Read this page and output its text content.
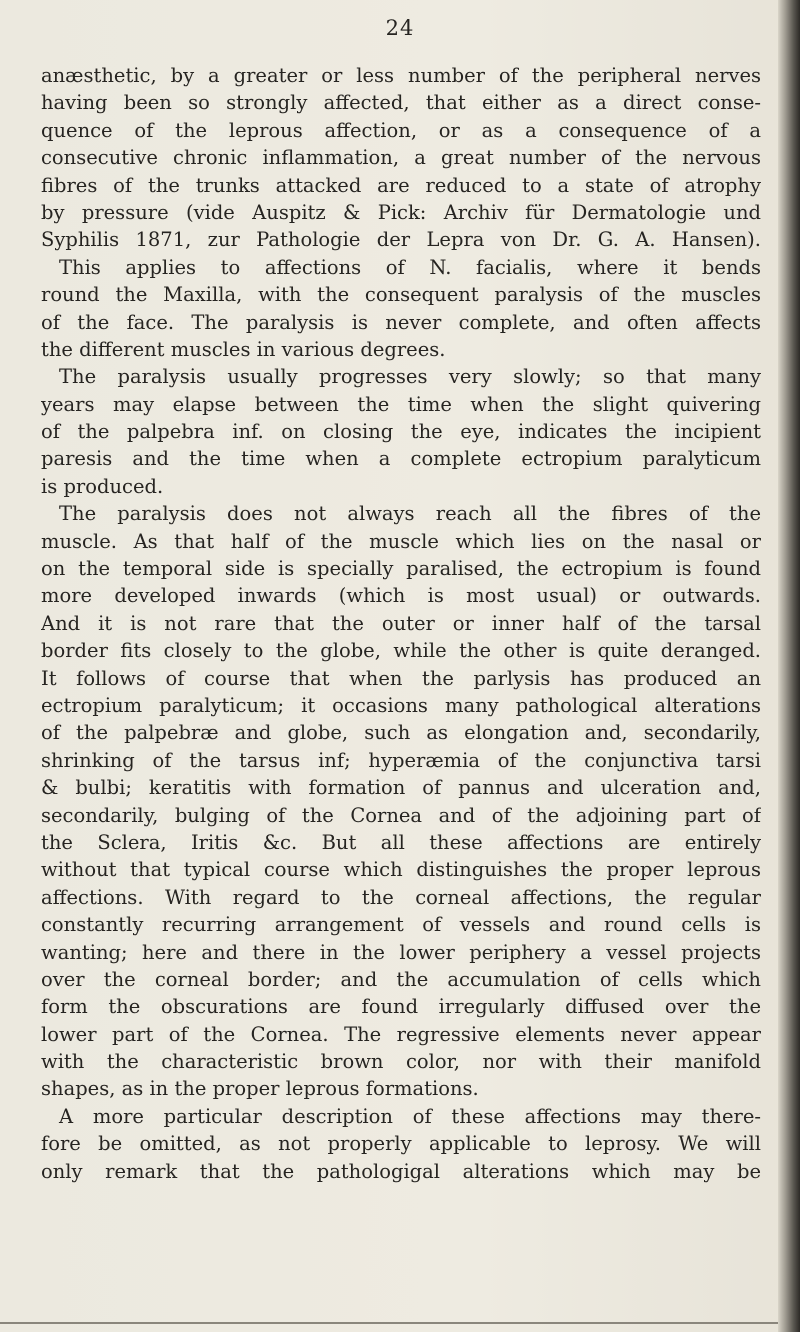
24
anæsthetic, by a greater or less number of the peripheral nerves
having been so strongly affected, that either as a direct conse-
quence of the leprous affection, or as a consequence of a
consecutive chronic inflammation, a great number of the nervous
fibres of the trunks attacked are reduced to a state of atrophy
by pressure (vide Auspitz & Pick: Archiv für Dermatologie und
Syphilis 1871, zur Pathologie der Lepra von Dr. G. A. Hansen).
This applies to affections of N. facialis, where it bends
round the Maxilla, with the consequent paralysis of the muscles
of the face. The paralysis is never complete, and often affects
the different muscles in various degrees.
The paralysis usually progresses very slowly; so that many
years may elapse between the time when the slight quivering
of the palpebra inf. on closing the eye, indicates the incipient
paresis and the time when a complete ectropium paralyticum
is produced.
The paralysis does not always reach all the fibres of the
muscle. As that half of the muscle which lies on the nasal or
on the temporal side is specially paralised, the ectropium is found
more developed inwards (which is most usual) or outwards.
And it is not rare that the outer or inner half of the tarsal
border fits closely to the globe, while the other is quite deranged.
It follows of course that when the parlysis has produced an
ectropium paralyticum; it occasions many pathological alterations
of the palpebræ and globe, such as elongation and, secondarily,
shrinking of the tarsus inf; hyperæmia of the conjunctiva tarsi
& bulbi; keratitis with formation of pannus and ulceration and,
secondarily, bulging of the Cornea and of the adjoining part of
the Sclera, Iritis &c. But all these affections are entirely
without that typical course which distinguishes the proper leprous
affections. With regard to the corneal affections, the regular
constantly recurring arrangement of vessels and round cells is
wanting; here and there in the lower periphery a vessel projects
over the corneal border; and the accumulation of cells which
form the obscurations are found irregularly diffused over the
lower part of the Cornea. The regressive elements never appear
with the characteristic brown color, nor with their manifold
shapes, as in the proper leprous formations.
A more particular description of these affections may there-
fore be omitted, as not properly applicable to leprosy. We will
only remark that the pathologigal alterations which may be
